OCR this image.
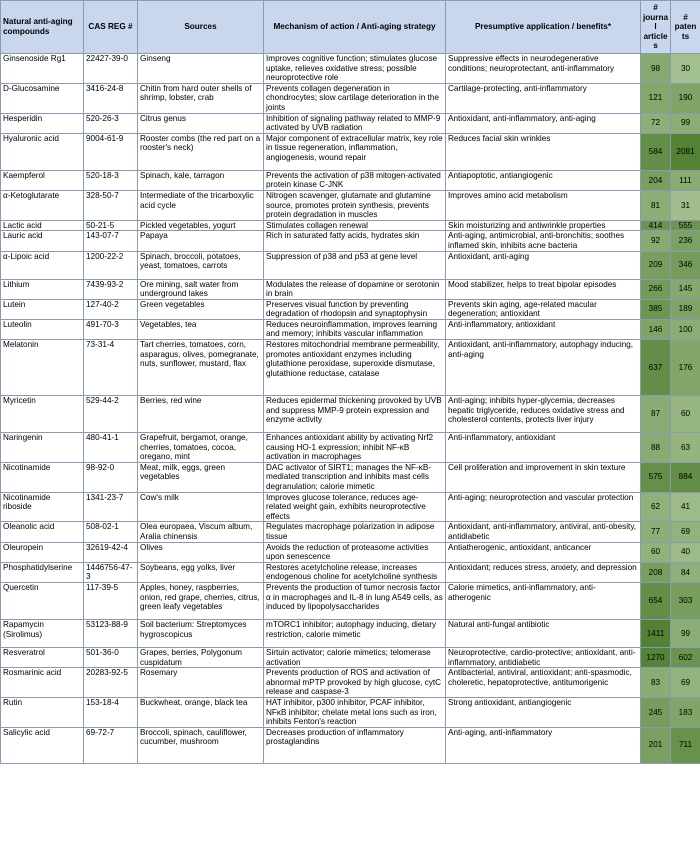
Natural anti-aging compounds	CAS REG #	Sources	Mechanism of action / Anti-aging strategy	Presumptive application / benefits*	# journa l article s	# paten ts
Ginsenoside Rg1	22427-39-0	Ginseng	Improves cognitive function; stimulates glucose uptake, relieves oxidative stress; possible neuroprotective role	Suppressive effects in neurodegenerative conditions; neuroprotectant, anti-inflammatory	98	30
D-Glucosamine	3416-24-8	Chitin from hard outer shells of shrimp, lobster, crab	Prevents collagen degeneration in chondrocytes; slow cartilage deterioration in the joints	Cartilage-protecting, anti-inflammatory	121	190
Hesperidin	520-26-3	Citrus genus	Inhibition of signaling pathway related to MMP-9 activated by UVB radiation	Antioxidant, anti-inflammatory, anti-aging	72	99
Hyaluronic acid	9004-61-9	Rooster combs (the red part on a rooster's neck)	Major component of extracellular matrix, key role in tissue regeneration, inflammation, angiogenesis, wound repair	Reduces facial skin wrinkles	584	2081
Kaempferol	520-18-3	Spinach, kale, tarragon	Prevents the activation of p38 mitogen-activated protein kinase C-JNK	Antiapoptotic, antiangiogenic	204	111
α-Ketoglutarate	328-50-7	Intermediate of the tricarboxylic acid cycle	Nitrogen scavenger, glutamate and glutamine source, promotes protein synthesis, prevents protein degradation in muscles	Improves amino acid metabolism	81	31
Lactic acid	50-21-5	Pickled vegetables, yogurt	Stimulates collagen renewal	Skin moisturizing and antiwrinkle properties	414	555
Lauric acid	143-07-7	Papaya	Rich in saturated fatty acids, hydrates skin	Anti-aging, antimicrobial, anti-bronchitis; soothes inflamed skin, inhibits acne bacteria	92	236
α-Lipoic acid	1200-22-2	Spinach, broccoli, potatoes, yeast, tomatoes, carrots	Suppression of p38 and p53 at gene level	Antioxidant, anti-aging	209	346
Lithium	7439-93-2	Ore mining, salt water from underground lakes	Modulates the release of dopamine or serotonin in brain	Mood stabilizer, helps to treat bipolar episodes	266	145
Lutein	127-40-2	Green vegetables	Preserves visual function by preventing degradation of rhodopsin and synaptophysin	Prevents skin aging, age-related macular degeneration; antioxidant	385	189
Luteolin	491-70-3	Vegetables, tea	Reduces neuroinflammation, improves learning and memory; inhibits vascular inflammation	Anti-inflammatory, antioxidant	146	100
Melatonin	73-31-4	Tart cherries, tomatoes, corn, asparagus, olives, pomegranate, nuts, sunflower, mustard, flax	Restores mitochondrial membrane permeability, promotes antioxidant enzymes including glutathione peroxidase, superoxide dismutase, glutathione reductase, catalase	Antioxidant, anti-inflammatory, autophagy inducing, anti-aging	637	176
Myricetin	529-44-2	Berries, red wine	Reduces epidermal thickening provoked by UVB and suppress MMP-9 protein expression and enzyme activity	Anti-aging; inhibits hyper-glycemia, decreases hepatic triglyceride, reduces oxidative stress and cholesterol contents, protects liver injury	87	60
Naringenin	480-41-1	Grapefruit, bergamot, orange, cherries, tomatoes, cocoa, oregano, mint	Enhances antioxidant ability by activating Nrf2 causing HO-1 expression; inhibit NF-κB activation in macrophages	Anti-inflammatory, antioxidant	88	63
Nicotinamide	98-92-0	Meat, milk, eggs, green vegetables	DAC activator of SIRT1; manages the NF-κB-mediated transcription and inhibits mast cells degranulation; calorie mimetic	Cell proliferation and improvement in skin texture	575	884
Nicotinamide riboside	1341-23-7	Cow's milk	Improves glucose tolerance, reduces age-related weight gain, exhibits neuroprotective effects	Anti-aging; neuroprotection and vascular protection	62	41
Oleanolic acid	508-02-1	Olea europaea, Viscum album, Aralia chinensis	Regulates macrophage polarization in adipose tissue	Antioxidant, anti-inflammatory, antiviral, anti-obesity, antidiabetic	77	69
Oleuropein	32619-42-4	Olives	Avoids the reduction of proteasome activities upon senescence	Antiatherogenic, antioxidant, anticancer	60	40
Phosphatidylserine	1446756-47-3	Soybeans, egg yolks, liver	Restores acetylcholine release, increases endogenous choline for acetylcholine synthesis	Antioxidant; reduces stress, anxiety, and depression	208	84
Quercetin	117-39-5	Apples, honey, raspberries, onion, red grape, cherries, citrus, green leafy vegetables	Prevents the production of tumor necrosis factor α in macrophages and IL-8 in lung A549 cells, as induced by lipopolysaccharides	Calorie mimetics, anti-inflammatory, anti-atherogenic	654	303
Rapamycin (Sirolimus)	53123-88-9	Soil bacterium: Streptomyces hygroscopicus	mTORC1 inhibitor; autophagy inducing, dietary restriction, calorie mimetic	Natural anti-fungal antibiotic	1411	99
Resveratrol	501-36-0	Grapes, berries, Polygonum cuspidatum	Sirtuin activator; calorie mimetics; telomerase activation	Neuroprotective, cardio-protective; antioxidant, anti-inflammatory, antidiabetic	1270	602
Rosmarinic acid	20283-92-5	Rosemary	Prevents production of ROS and activation of abnormal mPTP provoked by high glucose, cytC release and caspase-3	Antibacterial, antiviral, antioxidant; anti-spasmodic, choleretic, hepatoprotective, antitumorigenic	83	69
Rutin	153-18-4	Buckwheat, orange, black tea	HAT inhibitor, p300 inhibitor, PCAF inhibitor, NFκB inhibitor; chelate metal ions such as iron, inhibits Fenton's reaction	Strong antioxidant, antiangiogenic	245	183
Salicylic acid	69-72-7	Broccoli, spinach, cauliflower, cucumber, mushroom	Decreases production of inflammatory prostaglandins	Anti-aging, anti-inflammatory	201	711
